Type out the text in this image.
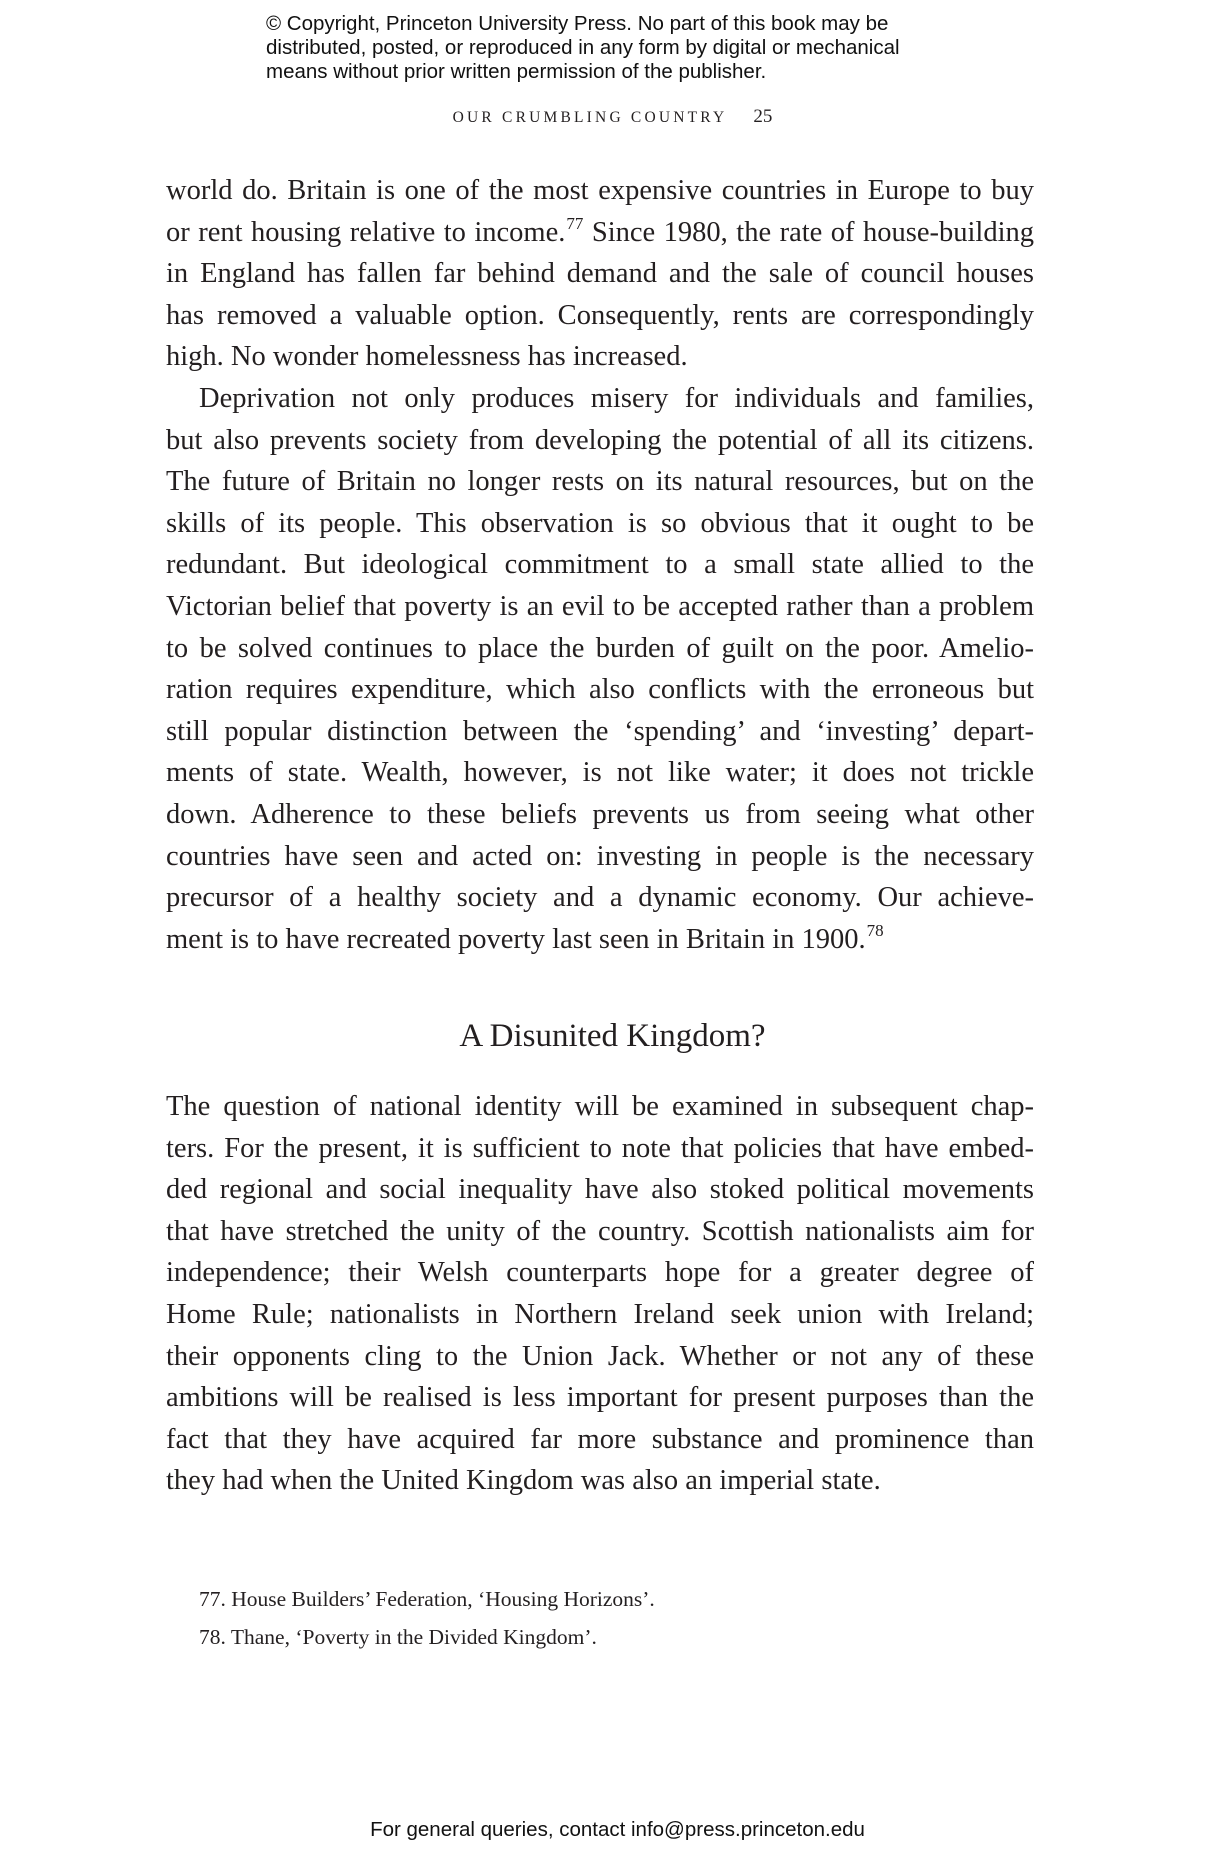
© Copyright, Princeton University Press. No part of this book may be
distributed, posted, or reproduced in any form by digital or mechanical
means without prior written permission of the publisher.
OUR CRUMBLING COUNTRY 25
world do. Britain is one of the most expensive countries in Europe to buy
or rent housing relative to income.$^{77}$ Since 1980, the rate of house-building
in England has fallen far behind demand and the sale of council houses
has removed a valuable option. Consequently, rents are correspondingly
high. No wonder homelessness has increased.
Deprivation not only produces misery for individuals and families,
but also prevents society from developing the potential of all its citizens.
The future of Britain no longer rests on its natural resources, but on the
skills of its people. This observation is so obvious that it ought to be
redundant. But ideological commitment to a small state allied to the
Victorian belief that poverty is an evil to be accepted rather than a problem
to be solved continues to place the burden of guilt on the poor. Amelio-
ration requires expenditure, which also conflicts with the erroneous but
still popular distinction between the ‘spending’ and ‘investing’ depart-
ments of state. Wealth, however, is not like water; it does not trickle
down. Adherence to these beliefs prevents us from seeing what other
countries have seen and acted on: investing in people is the necessary
precursor of a healthy society and a dynamic economy. Our achieve-
ment is to have recreated poverty last seen in Britain in 1900.78
A Disunited Kingdom?
The question of national identity will be examined in subsequent chap-
ters. For the present, it is sufficient to note that policies that have embed-
ded regional and social inequality have also stoked political movements
that have stretched the unity of the country. Scottish nationalists aim for
independence; their Welsh counterparts hope for a greater degree of
Home Rule; nationalists in Northern Ireland seek union with Ireland;
their opponents cling to the Union Jack. Whether or not any of these
ambitions will be realised is less important for present purposes than the
fact that they have acquired far more substance and prominence than
they had when the United Kingdom was also an imperial state.
77. House Builders’ Federation, ‘Housing Horizons’.
78. Thane, ‘Poverty in the Divided Kingdom’.
For general queries, contact info@press.princeton.edu
